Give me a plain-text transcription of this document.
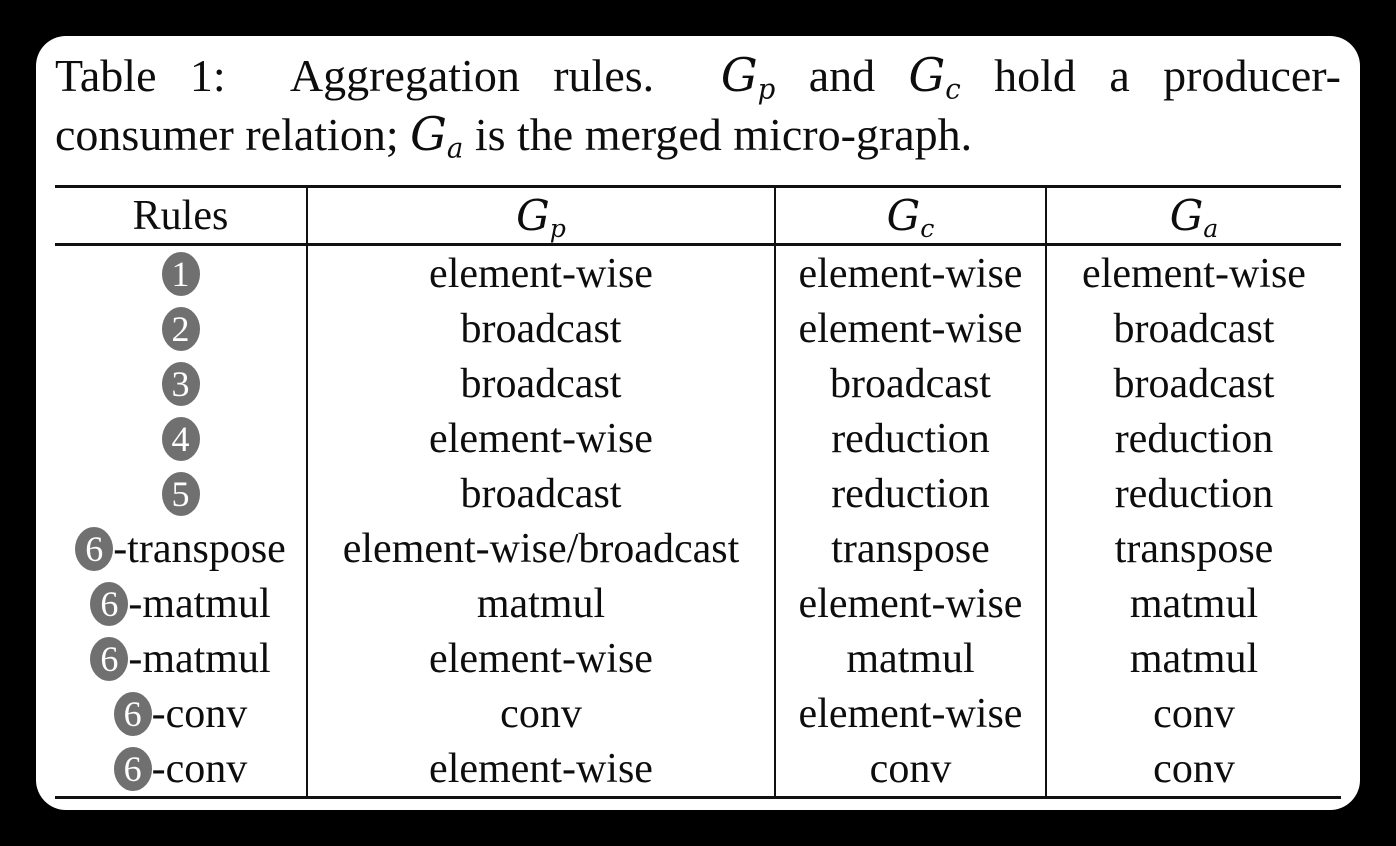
Table 1:  Aggregation rules.  $G_p$ and $G_c$ hold a producer-
consumer relation; $G_a$ is the merged micro-graph.
Rules	$G_p$	$G_c$	$G_a$
1	element-wise	element-wise	element-wise
2	broadcast	element-wise	broadcast
3	broadcast	broadcast	broadcast
4	element-wise	reduction	reduction
5	broadcast	reduction	reduction
6 -transpose	element-wise/broadcast	transpose	transpose
6 -matmul	matmul	element-wise	matmul
6 -matmul	element-wise	matmul	matmul
6 -conv	conv	element-wise	conv
6 -conv	element-wise	conv	conv
